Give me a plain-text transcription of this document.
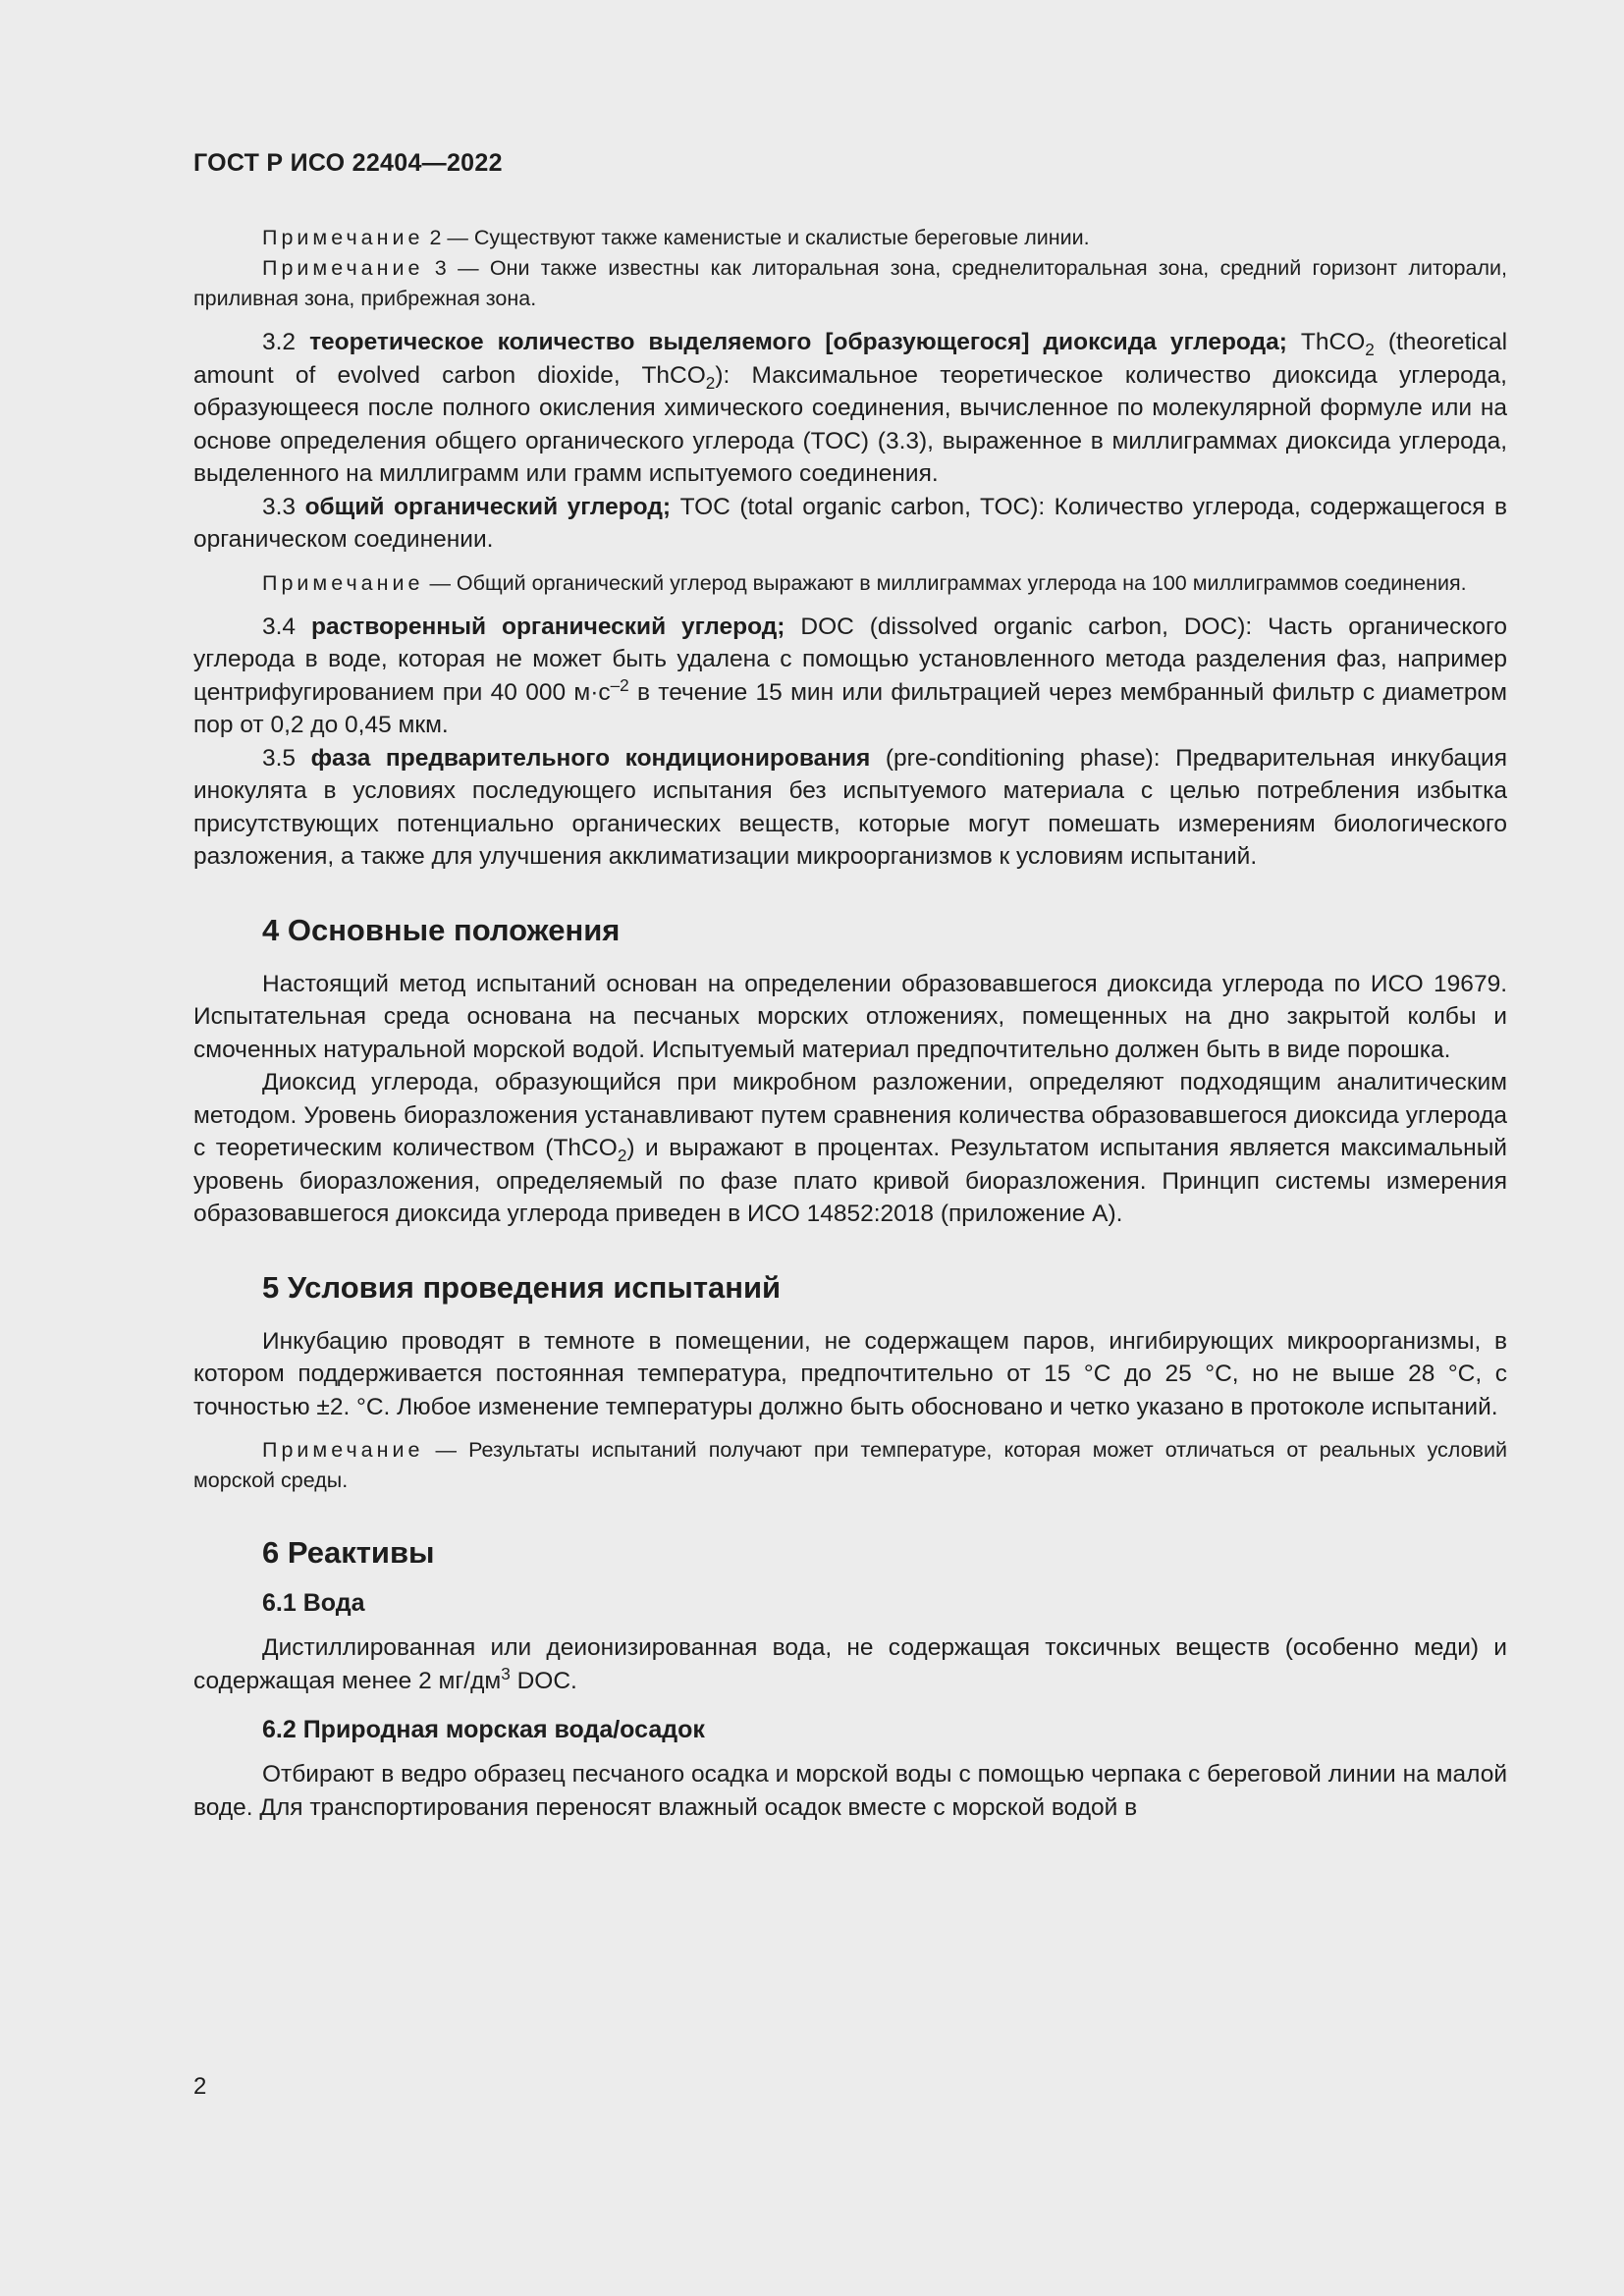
ГОСТ Р ИСО 22404—2022

Примечание 2 — Существуют также каменистые и скалистые береговые линии.

Примечание 3 — Они также известны как литоральная зона, среднелиторальная зона, средний горизонт литорали, приливная зона, прибрежная зона.

3.2 теоретическое количество выделяемого [образующегося] диоксида углерода; ThCO$_2$ (theoretical amount of evolved carbon dioxide, ThCO$_2$): Максимальное теоретическое количество диоксида углерода, образующееся после полного окисления химического соединения, вычисленное по молекулярной формуле или на основе определения общего органического углерода (TOC) (3.3), выраженное в миллиграммах диоксида углерода, выделенного на миллиграмм или грамм испытуемого соединения.

3.3 общий органический углерод; TOC (total organic carbon, TOC): Количество углерода, содержащегося в органическом соединении.

Примечание — Общий органический углерод выражают в миллиграммах углерода на 100 миллиграммов соединения.

3.4 растворенный органический углерод; DOC (dissolved organic carbon, DOC): Часть органического углерода в воде, которая не может быть удалена с помощью установленного метода разделения фаз, например центрифугированием при 40 000 $м\cdot с^{-2}$ в течение 15 мин или фильтрацией через мембранный фильтр с диаметром пор от 0,2 до 0,45 мкм.

3.5 фаза предварительного кондиционирования (pre-conditioning phase): Предварительная инкубация инокулята в условиях последующего испытания без испытуемого материала с целью потребления избытка присутствующих потенциально органических веществ, которые могут помешать измерениям биологического разложения, а также для улучшения акклиматизации микроорганизмов к условиям испытаний.

4 Основные положения

Настоящий метод испытаний основан на определении образовавшегося диоксида углерода по ИСО 19679. Испытательная среда основана на песчаных морских отложениях, помещенных на дно закрытой колбы и смоченных натуральной морской водой. Испытуемый материал предпочтительно должен быть в виде порошка.

Диоксид углерода, образующийся при микробном разложении, определяют подходящим аналитическим методом. Уровень биоразложения устанавливают путем сравнения количества образовавшегося диоксида углерода с теоретическим количеством (ThCO$_2$) и выражают в процентах. Результатом испытания является максимальный уровень биоразложения, определяемый по фазе плато кривой биоразложения. Принцип системы измерения образовавшегося диоксида углерода приведен в ИСО 14852:2018 (приложение А).

5 Условия проведения испытаний

Инкубацию проводят в темноте в помещении, не содержащем паров, ингибирующих микроорганизмы, в котором поддерживается постоянная температура, предпочтительно от 15 °C до 25 °C, но не выше 28 °C, с точностью ±2. °C. Любое изменение температуры должно быть обосновано и четко указано в протоколе испытаний.

Примечание — Результаты испытаний получают при температуре, которая может отличаться от реальных условий морской среды.

6 Реактивы
6.1 Вода

Дистиллированная или деионизированная вода, не содержащая токсичных веществ (особенно меди) и содержащая менее 2 $мг/дм^3$ DOC.

6.2 Природная морская вода/осадок

Отбирают в ведро образец песчаного осадка и морской воды с помощью черпака с береговой линии на малой воде. Для транспортирования переносят влажный осадок вместе с морской водой в

2
